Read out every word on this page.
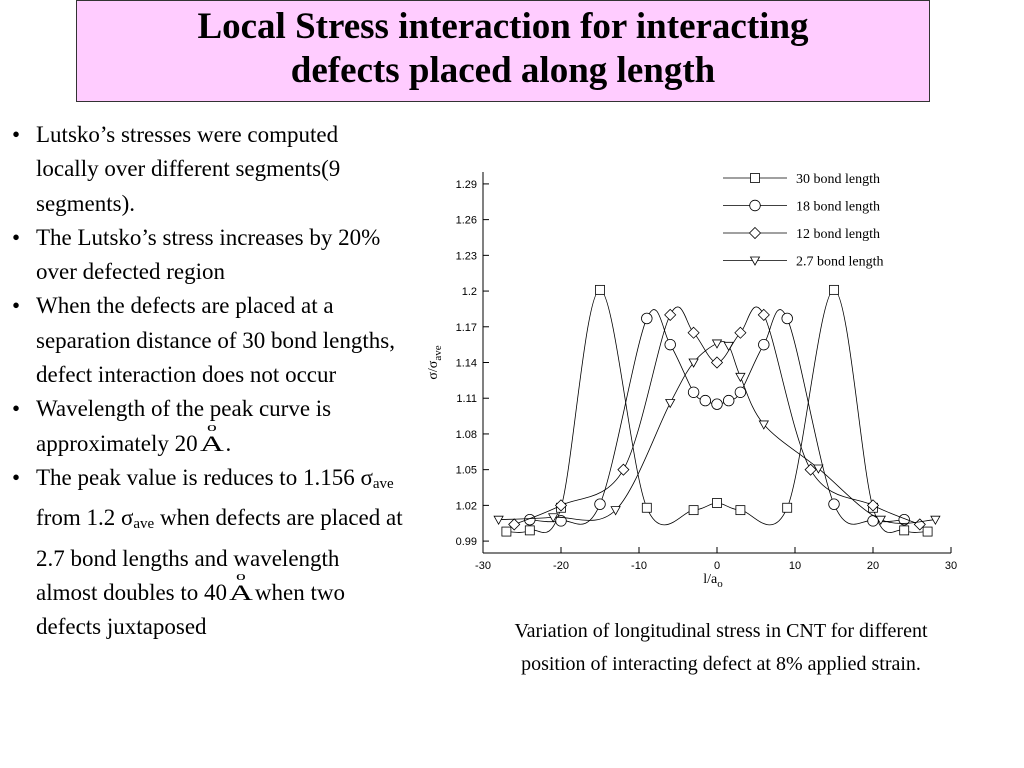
Local Stress interaction for interacting
defects placed along length
• Lutsko’s stresses were computed locally over different segments(9 segments).
• The Lutsko’s stress increases by 20% over defected region
• When the defects are placed at a separation distance of 30 bond lengths, defect interaction does not occur
• Wavelength of the peak curve is approximately 20
o
A.
• The peak value is reduces to 1.156 $\sigma_{ave}$ from 1.2 $\sigma_{ave}$ when defects are placed at 2.7 bond lengths and wavelength almost doubles to 40
o
Awhen two defects juxtaposed
0.99
1.02
1.05
1.08
1.11
1.14
1.17
1.2
1.23
1.26
1.29
-30	-20	-10	0	10	20	30
$l/a_o$
$\sigma/\sigma_{ave}$
30 bond length
18 bond length
12 bond length
2.7 bond length
Variation of longitudinal stress in CNT for different
position of interacting defect at 8% applied strain.
